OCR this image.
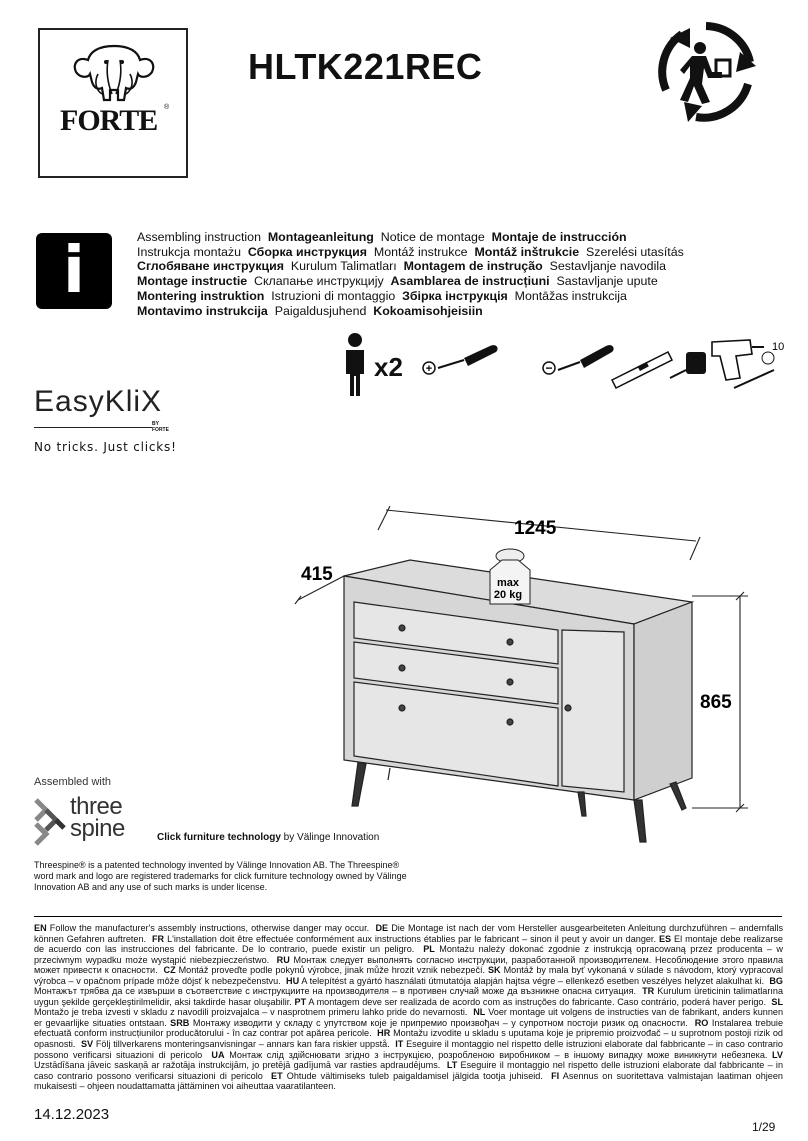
FORTE ®
HLTK221REC
i	Assembling instruction Montageanleitung Notice de montage Montaje de instrucción
Instrukcja montażu Сборка инструкция Montáž instrukce Montáž inštrukcie Szerelési utasítás
Сглобяване инструкция Kurulum Talimatları Montagem de instrução Sestavljanje navodila
Montage instructie Склапање инструкцију Asamblarea de instrucțiuni Sastavljanje upute
Montering instruktion Istruzioni di montaggio Збірка інструкція Montāžas instrukcija
Montavimo instrukcija Paigaldusjuhend Kokoamisohjeisiin
x2 +	−
10
EasyKliX
BY FORTE
No tricks. Just clicks!
max
20 kg
1245
415
865
Assembled with
three
spine	Click furniture technology by Välinge Innovation
Threespine® is a patented technology invented by Välinge Innovation AB. The Threespine® word mark and logo are registered trademarks for click furniture technology owned by Välinge Innovation AB and any use of such marks is under license.
EN Follow the manufacturer's assembly instructions, otherwise danger may occur. DE Die Montage ist nach der vom Hersteller ausgearbeiteten Anleitung durchzuführen – andernfalls können Gefahren auftreten. FR L'installation doit être effectuée conformément aux instructions établies par le fabricant – sinon il peut y avoir un danger. ES El montaje debe realizarse de acuerdo con las instrucciones del fabricante. De lo contrario, puede existir un peligro. PL Montażu należy dokonać zgodnie z instrukcją opracowaną przez producenta – w przeciwnym wypadku może wystąpić niebezpieczeństwo. RU Монтаж следует выполнять согласно инструкции, разработанной производителем. Несоблюдение этого правила может привести к опасности. CZ Montáž proveďte podle pokynů výrobce, jinak může hrozit vznik nebezpečí. SK Montáž by mala byť vykonaná v súlade s návodom, ktorý vypracoval výrobca – v opačnom prípade môže dôjsť k nebezpečenstvu. HU A telepítést a gyártó használati útmutatója alapján hajtsa végre – ellenkező esetben veszélyes helyzet alakulhat ki. BG Монтажът трябва да се извърши в съответствие с инструкциите на производителя – в противен случай може да възникне опасна ситуация. TR Kurulum üreticinin talimatlarına uygun şekilde gerçekleştirilmelidir, aksi takdirde hasar oluşabilir. PT A montagem deve ser realizada de acordo com as instruções do fabricante. Caso contrário, poderá haver perigo. SL Montažo je treba izvesti v skladu z navodili proizvajalca – v nasprotnem primeru lahko pride do nevarnosti. NL Voer montage uit volgens de instructies van de fabrikant, anders kunnen er gevaarlijke situaties ontstaan. SRB Монтажу изводити у складу с упутством које је припремио произвођач – у супротном постоји ризик од опасности. RO Instalarea trebuie efectuată conform instrucțiunilor producătorului - în caz contrar pot apărea pericole. HR Montažu izvodite u skladu s uputama koje je pripremio proizvođač – u suprotnom postoji rizik od opasnosti. SV Följ tillverkarens monteringsanvisningar – annars kan fara riskier uppstå. IT Eseguire il montaggio nel rispetto delle istruzioni elaborate dal fabbricante – in caso contrario possono verificarsi situazioni di pericolo UA Монтаж слід здійснювати згідно з інструкцією, розробленою виробником – в іншому випадку може виникнути небезпека. LV Uzstādīšana jāveic saskaņā ar ražotāja instrukcijām, jo pretējā gadījumā var rasties apdraudējums. LT Eseguire il montaggio nel rispetto delle istruzioni elaborate dal fabbricante – in caso contrario possono verificarsi situazioni di pericolo ET Ohtude vältimiseks tuleb paigaldamisel jälgida tootja juhiseid. FI Asennus on suoritettava valmistajan laatiman ohjeen mukaisesti – ohjeen noudattamatta jättäminen voi aiheuttaa vaaratilanteen.
14.12.2023
1/29
